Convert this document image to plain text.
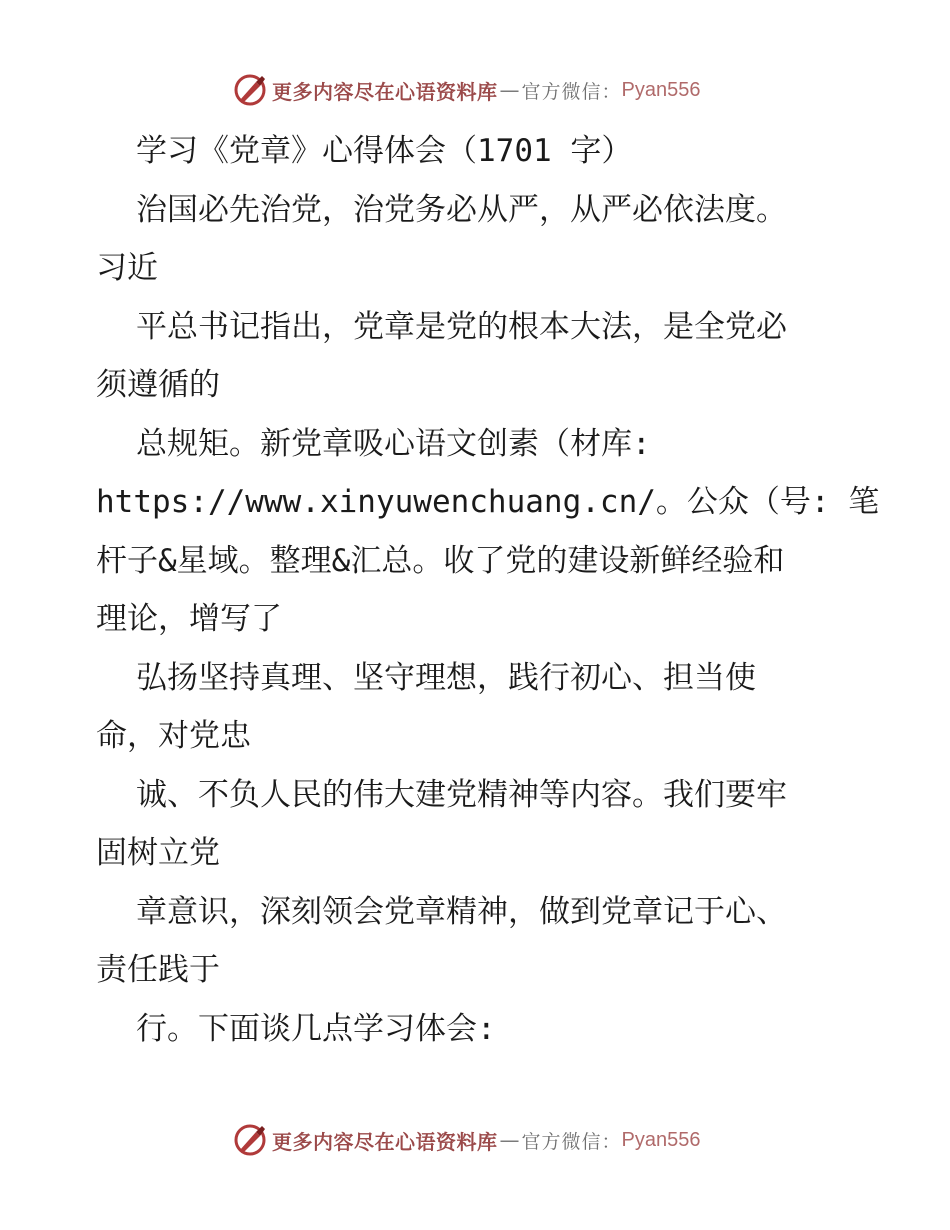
更多内容尽在心语资料库 — 官方微信： Pyan556
学习《党章》心得体会（1701 字）
治国必先治党，治党务必从严，从严必依法度。
习近
平总书记指出，党章是党的根本大法，是全党必
须遵循的
总规矩。新党章吸心语文创素（材库:
https://www.xinyuwenchuang.cn/。公众（号: 笔
杆子&星域。整理&汇总。收了党的建设新鲜经验和
理论，增写了
弘扬坚持真理、坚守理想，践行初心、担当使
命，对党忠
诚、不负人民的伟大建党精神等内容。我们要牢
固树立党
章意识，深刻领会党章精神，做到党章记于心、
责任践于
行。下面谈几点学习体会:
更多内容尽在心语资料库 — 官方微信： Pyan556
